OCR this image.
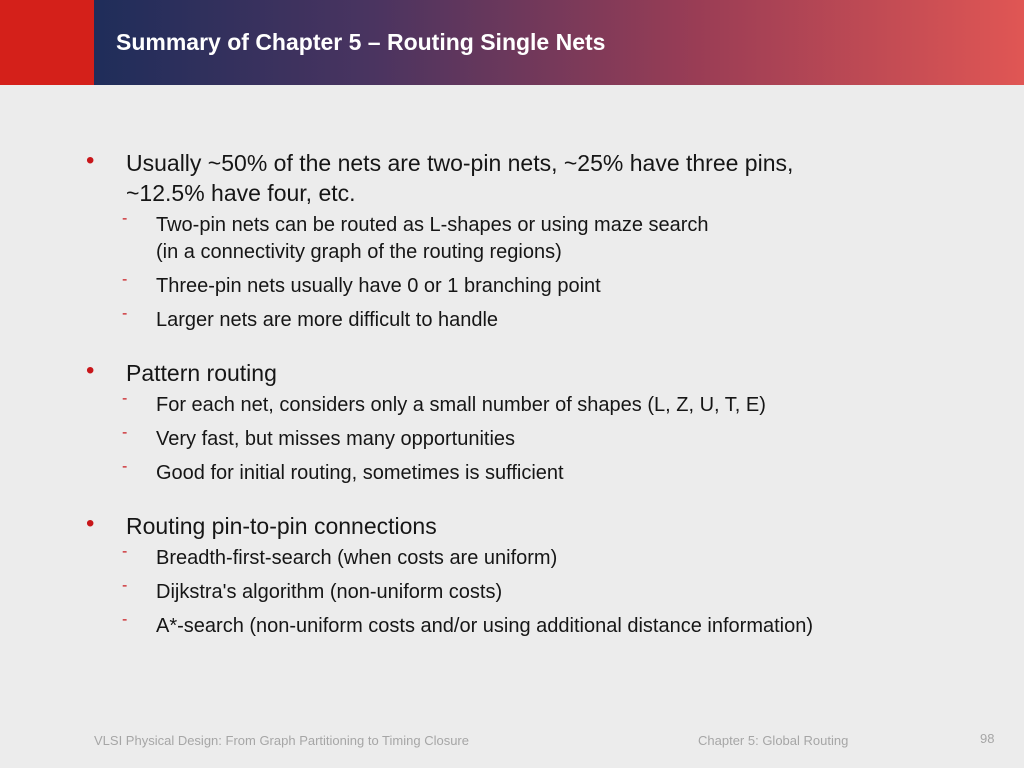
Summary of Chapter 5 – Routing Single Nets
• Usually ~50% of the nets are two-pin nets, ~25% have three pins,
~12.5% have four, etc.
- Two-pin nets can be routed as L-shapes or using maze search
(in a connectivity graph of the routing regions)
- Three-pin nets usually have 0 or 1 branching point
- Larger nets are more difficult to handle
• Pattern routing
- For each net, considers only a small number of shapes (L, Z, U, T, E)
- Very fast, but misses many opportunities
- Good for initial routing, sometimes is sufficient
• Routing pin-to-pin connections
- Breadth-first-search (when costs are uniform)
- Dijkstra's algorithm (non-uniform costs)
- A*-search (non-uniform costs and/or using additional distance information)
VLSI Physical Design: From Graph Partitioning to Timing Closure	Chapter 5: Global Routing	98
